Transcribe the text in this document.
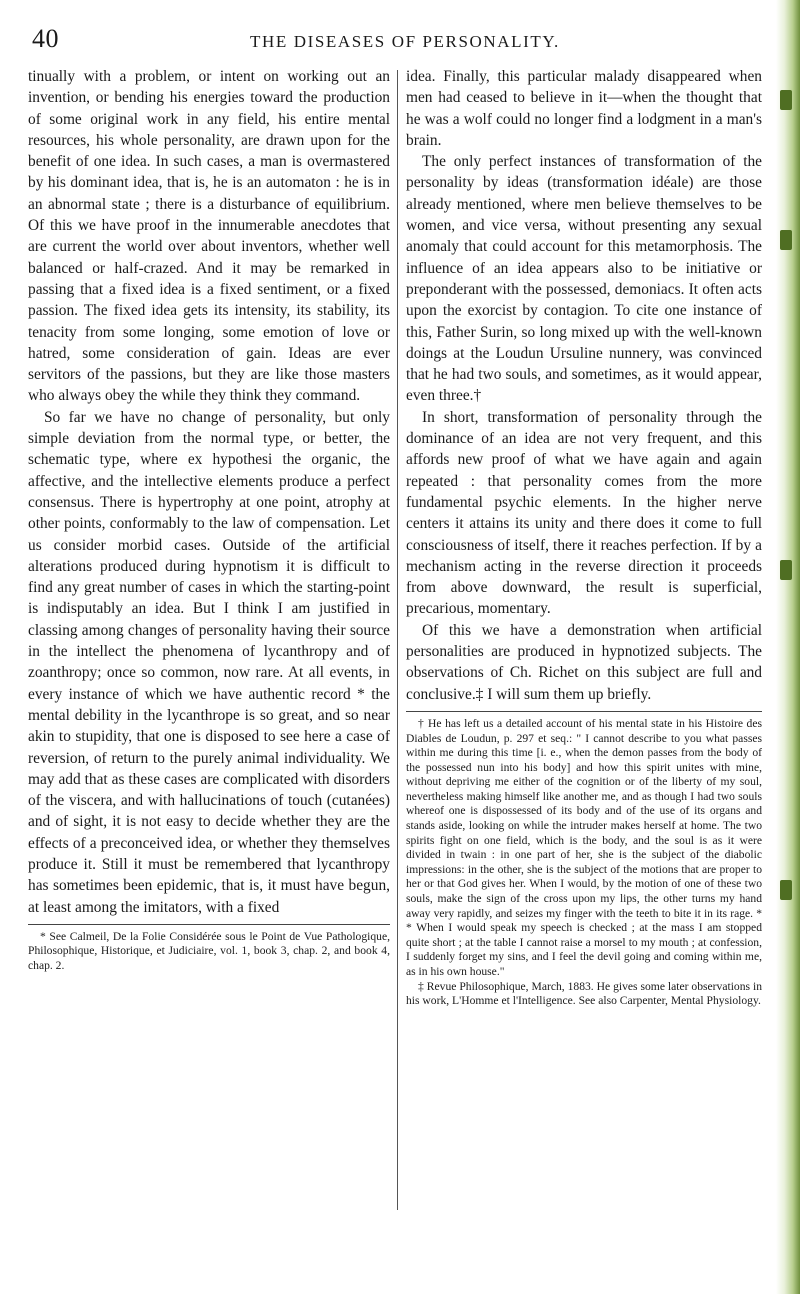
40	THE DISEASES OF PERSONALITY.

tinually with a problem, or intent on working out an invention, or bending his energies toward the production of some original work in any field, his entire mental resources, his whole personality, are drawn upon for the benefit of one idea. In such cases, a man is overmastered by his dominant idea, that is, he is an automaton : he is in an abnormal state ; there is a disturbance of equilibrium. Of this we have proof in the innumerable anecdotes that are current the world over about inventors, whether well balanced or half-crazed. And it may be remarked in passing that a fixed idea is a fixed sentiment, or a fixed passion. The fixed idea gets its intensity, its stability, its tenacity from some longing, some emotion of love or hatred, some consideration of gain. Ideas are ever servitors of the passions, but they are like those masters who always obey the while they think they command.

So far we have no change of personality, but only simple deviation from the normal type, or better, the schematic type, where ex hypothesi the organic, the affective, and the intellective elements produce a perfect consensus. There is hypertrophy at one point, atrophy at other points, conformably to the law of compensation. Let us consider morbid cases. Outside of the artificial alterations produced during hypnotism it is difficult to find any great number of cases in which the starting-point is indisputably an idea. But I think I am justified in classing among changes of personality having their source in the intellect the phenomena of lycanthropy and of zoanthropy; once so common, now rare. At all events, in every instance of which we have authentic record * the mental debility in the lycanthrope is so great, and so near akin to stupidity, that one is disposed to see here a case of reversion, of return to the purely animal individuality. We may add that as these cases are complicated with disorders of the viscera, and with hallucinations of touch (cutanées) and of sight, it is not easy to decide whether they are the effects of a preconceived idea, or whether they themselves produce it. Still it must be remembered that lycanthropy has sometimes been epidemic, that is, it must have begun, at least among the imitators, with a fixed

* See Calmeil, De la Folie Considérée sous le Point de Vue Pathologique, Philosophique, Historique, et Judiciaire, vol. 1, book 3, chap. 2, and book 4, chap. 2.

idea. Finally, this particular malady disappeared when men had ceased to believe in it—when the thought that he was a wolf could no longer find a lodgment in a man's brain.

The only perfect instances of transformation of the personality by ideas (transformation idéale) are those already mentioned, where men believe themselves to be women, and vice versa, without presenting any sexual anomaly that could account for this metamorphosis. The influence of an idea appears also to be initiative or preponderant with the possessed, demoniacs. It often acts upon the exorcist by contagion. To cite one instance of this, Father Surin, so long mixed up with the well-known doings at the Loudun Ursuline nunnery, was convinced that he had two souls, and sometimes, as it would appear, even three.†

In short, transformation of personality through the dominance of an idea are not very frequent, and this affords new proof of what we have again and again repeated : that personality comes from the more fundamental psychic elements. In the higher nerve centers it attains its unity and there does it come to full consciousness of itself, there it reaches perfection. If by a mechanism acting in the reverse direction it proceeds from above downward, the result is superficial, precarious, momentary.

Of this we have a demonstration when artificial personalities are produced in hypnotized subjects. The observations of Ch. Richet on this subject are full and conclusive.‡ I will sum them up briefly.

† He has left us a detailed account of his mental state in his Histoire des Diables de Loudun, p. 297 et seq.: " I cannot describe to you what passes within me during this time [i. e., when the demon passes from the body of the possessed nun into his body] and how this spirit unites with mine, without depriving me either of the cognition or of the liberty of my soul, nevertheless making himself like another me, and as though I had two souls whereof one is dispossessed of its body and of the use of its organs and stands aside, looking on while the intruder makes herself at home. The two spirits fight on one field, which is the body, and the soul is as it were divided in twain : in one part of her, she is the subject of the diabolic impressions: in the other, she is the subject of the motions that are proper to her or that God gives her. When I would, by the motion of one of these two souls, make the sign of the cross upon my lips, the other turns my hand away very rapidly, and seizes my finger with the teeth to bite it in its rage. * * When I would speak my speech is checked ; at the mass I am stopped quite short ; at the table I cannot raise a morsel to my mouth ; at confession, I suddenly forget my sins, and I feel the devil going and coming within me, as in his own house."

‡ Revue Philosophique, March, 1883. He gives some later observations in his work, L'Homme et l'Intelligence. See also Carpenter, Mental Physiology.
